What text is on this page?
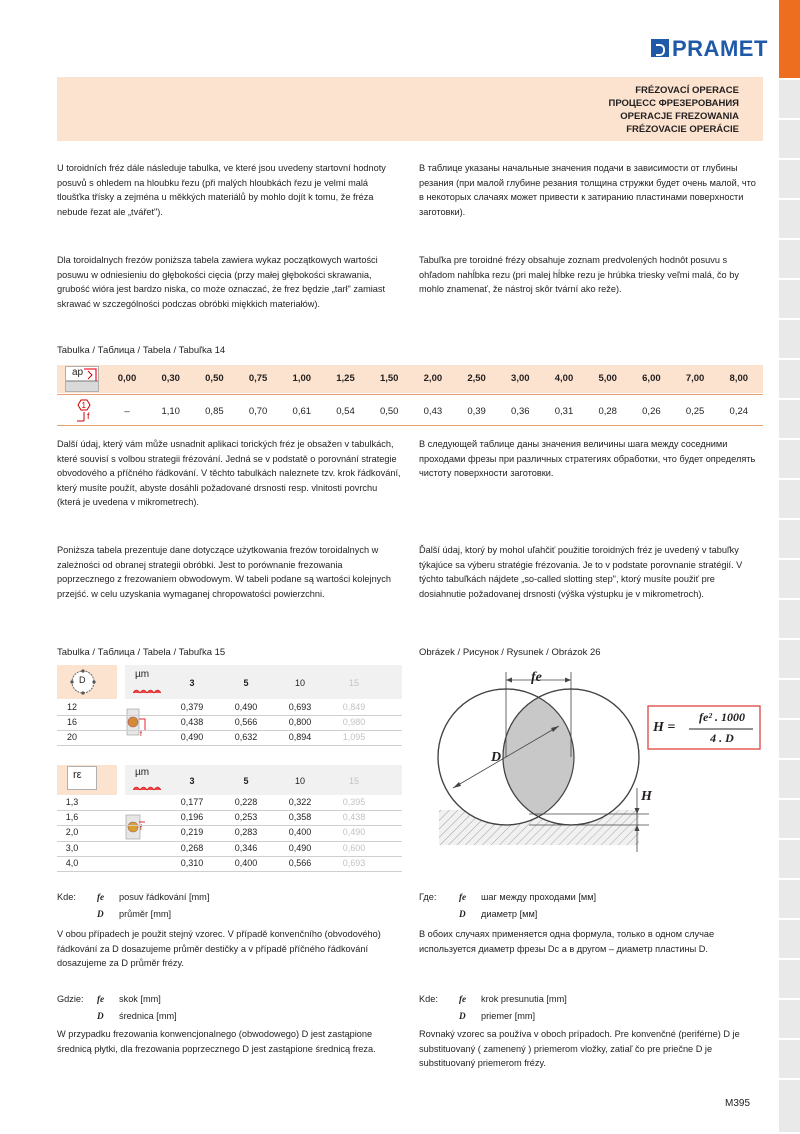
PRAMET
FRÉZOVACÍ OPERACE
ПРОЦЕСС ФРЕЗЕРОВАНИЯ
OPERACJE FREZOWANIA
FRÉZOVACIE OPERÁCIE
U toroidních fréz dále následuje tabulka, ve které jsou uvedeny startovní hodnoty posuvů s ohledem na hloubku řezu (při malých hloubkách řezu je velmi malá tloušťka třísky a zejména u měkkých materiálů by mohlo dojít k tomu, že fréza nebude řezat ale „tvářet").
В таблице указаны начальные значения подачи в зависимости от глубины резания (при малой глубине резания толщина стружки будет очень малой, что в некоторых слачаях может привести к затиранию пластинами поверхности заготовки).
Dla toroidalnych frezów poniższa tabela zawiera wykaz początkowych wartości posuwu w odniesieniu do głębokości cięcia (przy małej głębokości skrawania, grubość wióra jest bardzo niska, co może oznaczać, że frez będzie „tarł" zamiast skrawać w szczególności podczas obróbki miękkich materiałów).
Tabuľka pre toroidné frézy obsahuje zoznam predvolených hodnôt posuvu s ohľadom nahĺbka rezu (pri malej hĺbke rezu je hrúbka triesky veľmi malá, čo by mohlo znamenať, že nástroj skôr tvární ako reže).
Tabulka / Таблица / Tabela / Tabuľka 14
ap
1
f
0,00	0,30	0,50	0,75	1,00	1,25	1,50	2,00	2,50	3,00	4,00	5,00	6,00	7,00	8,00
–	1,10	0,85	0,70	0,61	0,54	0,50	0,43	0,39	0,36	0,31	0,28	0,26	0,25	0,24
Další údaj, který vám může usnadnit aplikaci torických fréz je obsažen v tabulkách, které souvisí s volbou strategii frézování. Jedná se v podstatě o porovnání strategie obvodového a příčného řádkování. V těchto tabulkách naleznete tzv. krok řádkování, který musíte použít, abyste dosáhli požadované drsnosti resp. vlnitosti povrchu (která je uvedena v mikrometrech).
В следующей таблице даны значения величины шага между соседними проходами фрезы при различных стратегиях обработки, что будет определять чистоту поверхности заготовки.
Poniższa tabela prezentuje dane dotyczące użytkowania frezów toroidalnych w zależności od obranej strategii obróbki. Jest to porównanie frezowania poprzecznego z frezowaniem obwodowym. W tabeli podane są wartości kolejnych przejść. w celu uzyskania wymaganej chropowatości powierzchni.
Ďalší údaj, ktorý by mohol uľahčiť použitie toroidných fréz je uvedený v tabuľky týkajúce sa výberu stratégie frézovania. Je to v podstate porovnanie stratégií. V týchto tabuľkách nájdete „so-called slotting step", ktorý musíte použiť pre dosiahnutie požadovanej drsnosti (výška výstupku je v mikrometroch).
Tabulka / Таблица / Tabela / Tabuľka 15
D	µm
3	5	10	15
f
12	0,379	0,490	0,693	0,849
16	0,438	0,566	0,800	0,980
20	0,490	0,632	0,894	1,095
rε	µm
3	5	10	15
f
1,3	0,177	0,228	0,322	0,395
1,6	0,196	0,253	0,358	0,438
2,0	0,219	0,283	0,400	0,490
3,0	0,268	0,346	0,490	0,600
4,0	0,310	0,400	0,566	0,693
Obrázek / Рисунок / Rysunek / Obrázok 26
fe
D
H
H =
fe² . 1000
4 . D
Kde: fe posuv řádkování [mm]
D průměr [mm]
V obou případech je použit stejný vzorec. V případě konvenčního (obvodového) řádkování za D dosazujeme průměr destičky a v případě příčného řádkování dosazujeme za D průměr frézy.
Где: fe шаг между проходами [мм]
D диаметр [мм]
В обоих случаях применяется одна формула, только в одном случае используется диаметр фрезы Dc а в другом – диаметр пластины D.
Gdzie: fe skok [mm]
D średnica [mm]
W przypadku frezowania konwencjonalnego (obwodowego) D jest zastąpione średnicą płytki, dla frezowania poprzecznego D jest zastąpione średnicą freza.
Kde: fe krok presunutia [mm]
D priemer [mm]
Rovnaký vzorec sa používa v oboch prípadoch. Pre konvenčné (periférne) D je substituovaný ( zamenený ) priemerom vložky, zatiaľ čo pre priečne D je substituovaný priemerom frézy.
M395
